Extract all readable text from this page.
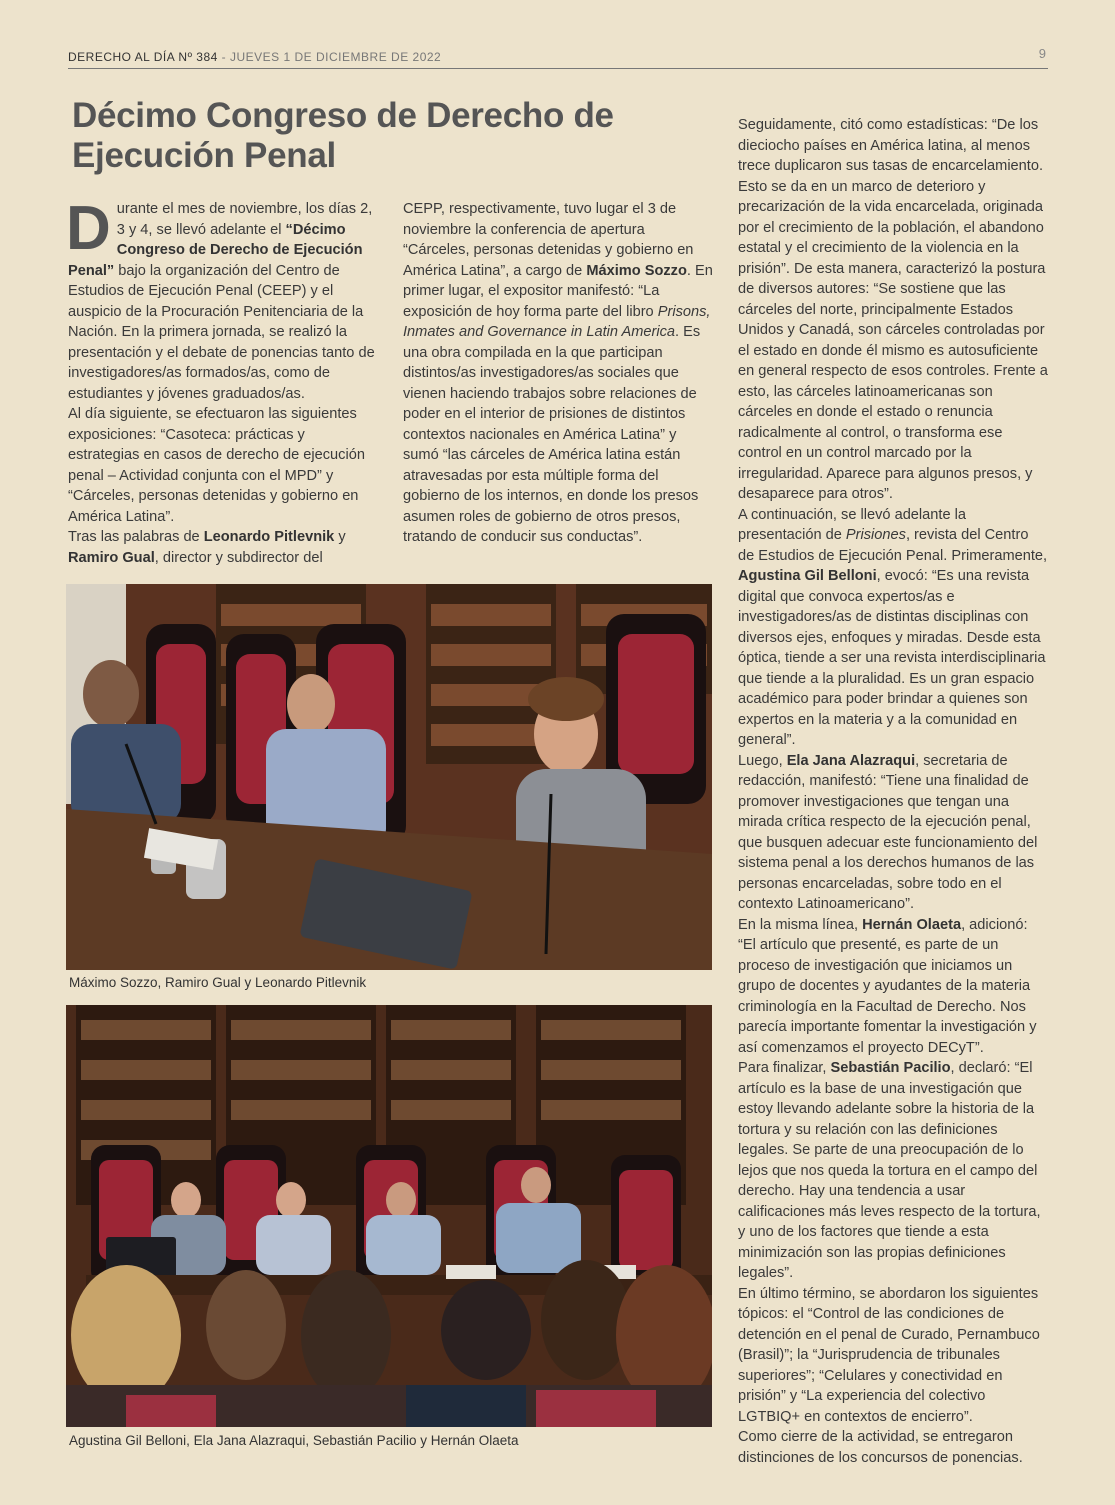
DERECHO AL DÍA Nº 384 - JUEVES 1 DE DICIEMBRE DE 2022	9
Décimo Congreso de Derecho de Ejecución Penal

Durante el mes de noviembre, los días 2, 3 y 4, se llevó adelante el “Décimo Congreso de Derecho de Ejecución Penal” bajo la organización del Centro de Estudios de Ejecución Penal (CEEP) y el auspicio de la Procuración Penitenciaria de la Nación. En la primera jornada, se realizó la presentación y el debate de ponencias tanto de investigadores/as formados/as, como de estudiantes y jóvenes graduados/as.

Al día siguiente, se efectuaron las siguientes exposiciones: “Casoteca: prácticas y estrategias en casos de derecho de ejecución penal – Actividad conjunta con el MPD” y “Cárceles, personas detenidas y gobierno en América Latina”.

Tras las palabras de Leonardo Pitlevnik y Ramiro Gual, director y subdirector del

CEPP, respectivamente, tuvo lugar el 3 de noviembre la conferencia de apertura “Cárceles, personas detenidas y gobierno en América Latina”, a cargo de Máximo Sozzo. En primer lugar, el expositor manifestó: “La exposición de hoy forma parte del libro Prisons, Inmates and Governance in Latin America. Es una obra compilada en la que participan distintos/as investigadores/as sociales que vienen haciendo trabajos sobre relaciones de poder en el interior de prisiones de distintos contextos nacionales en América Latina” y sumó “las cárceles de América latina están atravesadas por esta múltiple forma del gobierno de los internos, en donde los presos asumen roles de gobierno de otros presos, tratando de conducir sus conductas”.

Seguidamente, citó como estadísticas: “De los dieciocho países en América latina, al menos trece duplicaron sus tasas de encarcelamiento. Esto se da en un marco de deterioro y precarización de la vida encarcelada, originada por el crecimiento de la población, el abandono estatal y el crecimiento de la violencia en la prisión”. De esta manera, caracterizó la postura de diversos autores: “Se sostiene que las cárceles del norte, principalmente Estados Unidos y Canadá, son cárceles controladas por el estado en donde él mismo es autosuficiente en general respecto de esos controles. Frente a esto, las cárceles latinoamericanas son cárceles en donde el estado o renuncia radicalmente al control, o transforma ese control en un control marcado por la irregularidad. Aparece para algunos presos, y desaparece para otros”.

A continuación, se llevó adelante la presentación de Prisiones, revista del Centro de Estudios de Ejecución Penal. Primeramente, Agustina Gil Belloni, evocó: “Es una revista digital que convoca expertos/as e investigadores/as de distintas disciplinas con diversos ejes, enfoques y miradas. Desde esta óptica, tiende a ser una revista interdisciplinaria que tiende a la pluralidad. Es un gran espacio académico para poder brindar a quienes son expertos en la materia y a la comunidad en general”.

Luego, Ela Jana Alazraqui, secretaria de redacción, manifestó: “Tiene una finalidad de promover investigaciones que tengan una mirada crítica respecto de la ejecución penal, que busquen adecuar este funcionamiento del sistema penal a los derechos humanos de las personas encarceladas, sobre todo en el contexto Latinoamericano”.

En la misma línea, Hernán Olaeta, adicionó: “El artículo que presenté, es parte de un proceso de investigación que iniciamos un grupo de docentes y ayudantes de la materia criminología en la Facultad de Derecho. Nos parecía importante fomentar la investigación y así comenzamos el proyecto DECyT”.

Para finalizar, Sebastián Pacilio, declaró: “El artículo es la base de una investigación que estoy llevando adelante sobre la historia de la tortura y su relación con las definiciones legales. Se parte de una preocupación de lo lejos que nos queda la tortura en el campo del derecho. Hay una tendencia a usar calificaciones más leves respecto de la tortura, y uno de los factores que tiende a esta minimización son las propias definiciones legales”.

En último término, se abordaron los siguientes tópicos: el “Control de las condiciones de detención en el penal de Curado, Pernambuco (Brasil)”; la “Jurisprudencia de tribunales superiores”; “Celulares y conectividad en prisión” y “La experiencia del colectivo LGTBIQ+ en contextos de encierro”.

Como cierre de la actividad, se entregaron distinciones de los concursos de ponencias.

Máximo Sozzo, Ramiro Gual y Leonardo Pitlevnik
Agustina Gil Belloni, Ela Jana Alazraqui, Sebastián Pacilio y Hernán Olaeta
